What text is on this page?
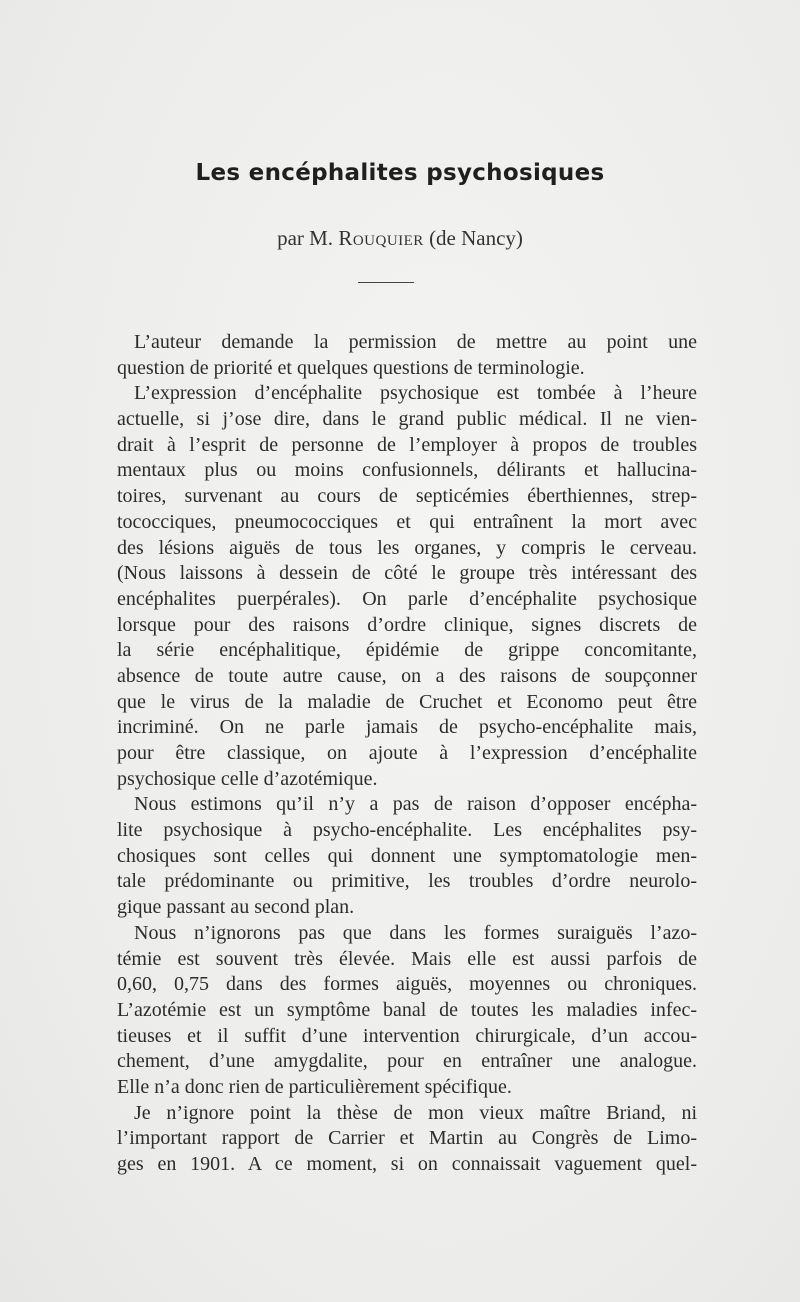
Les encéphalites psychosiques
par M. Rouquier (de Nancy)
L’auteur demande la permission de mettre au point une
question de priorité et quelques questions de terminologie.
L’expression d’encéphalite psychosique est tombée à l’heure
actuelle, si j’ose dire, dans le grand public médical. Il ne vien-
drait à l’esprit de personne de l’employer à propos de troubles
mentaux plus ou moins confusionnels, délirants et hallucina-
toires, survenant au cours de septicémies éberthiennes, strep-
tococciques, pneumococciques et qui entraînent la mort avec
des lésions aiguës de tous les organes, y compris le cerveau.
(Nous laissons à dessein de côté le groupe très intéressant des
encéphalites puerpérales). On parle d’encéphalite psychosique
lorsque pour des raisons d’ordre clinique, signes discrets de
la série encéphalitique, épidémie de grippe concomitante,
absence de toute autre cause, on a des raisons de soupçonner
que le virus de la maladie de Cruchet et Economo peut être
incriminé. On ne parle jamais de psycho-encéphalite mais,
pour être classique, on ajoute à l’expression d’encéphalite
psychosique celle d’azotémique.
Nous estimons qu’il n’y a pas de raison d’opposer encépha-
lite psychosique à psycho-encéphalite. Les encéphalites psy-
chosiques sont celles qui donnent une symptomatologie men-
tale prédominante ou primitive, les troubles d’ordre neurolo-
gique passant au second plan.
Nous n’ignorons pas que dans les formes suraiguës l’azo-
témie est souvent très élevée. Mais elle est aussi parfois de
0,60, 0,75 dans des formes aiguës, moyennes ou chroniques.
L’azotémie est un symptôme banal de toutes les maladies infec-
tieuses et il suffit d’une intervention chirurgicale, d’un accou-
chement, d’une amygdalite, pour en entraîner une analogue.
Elle n’a donc rien de particulièrement spécifique.
Je n’ignore point la thèse de mon vieux maître Briand, ni
l’important rapport de Carrier et Martin au Congrès de Limo-
ges en 1901. A ce moment, si on connaissait vaguement quel-
